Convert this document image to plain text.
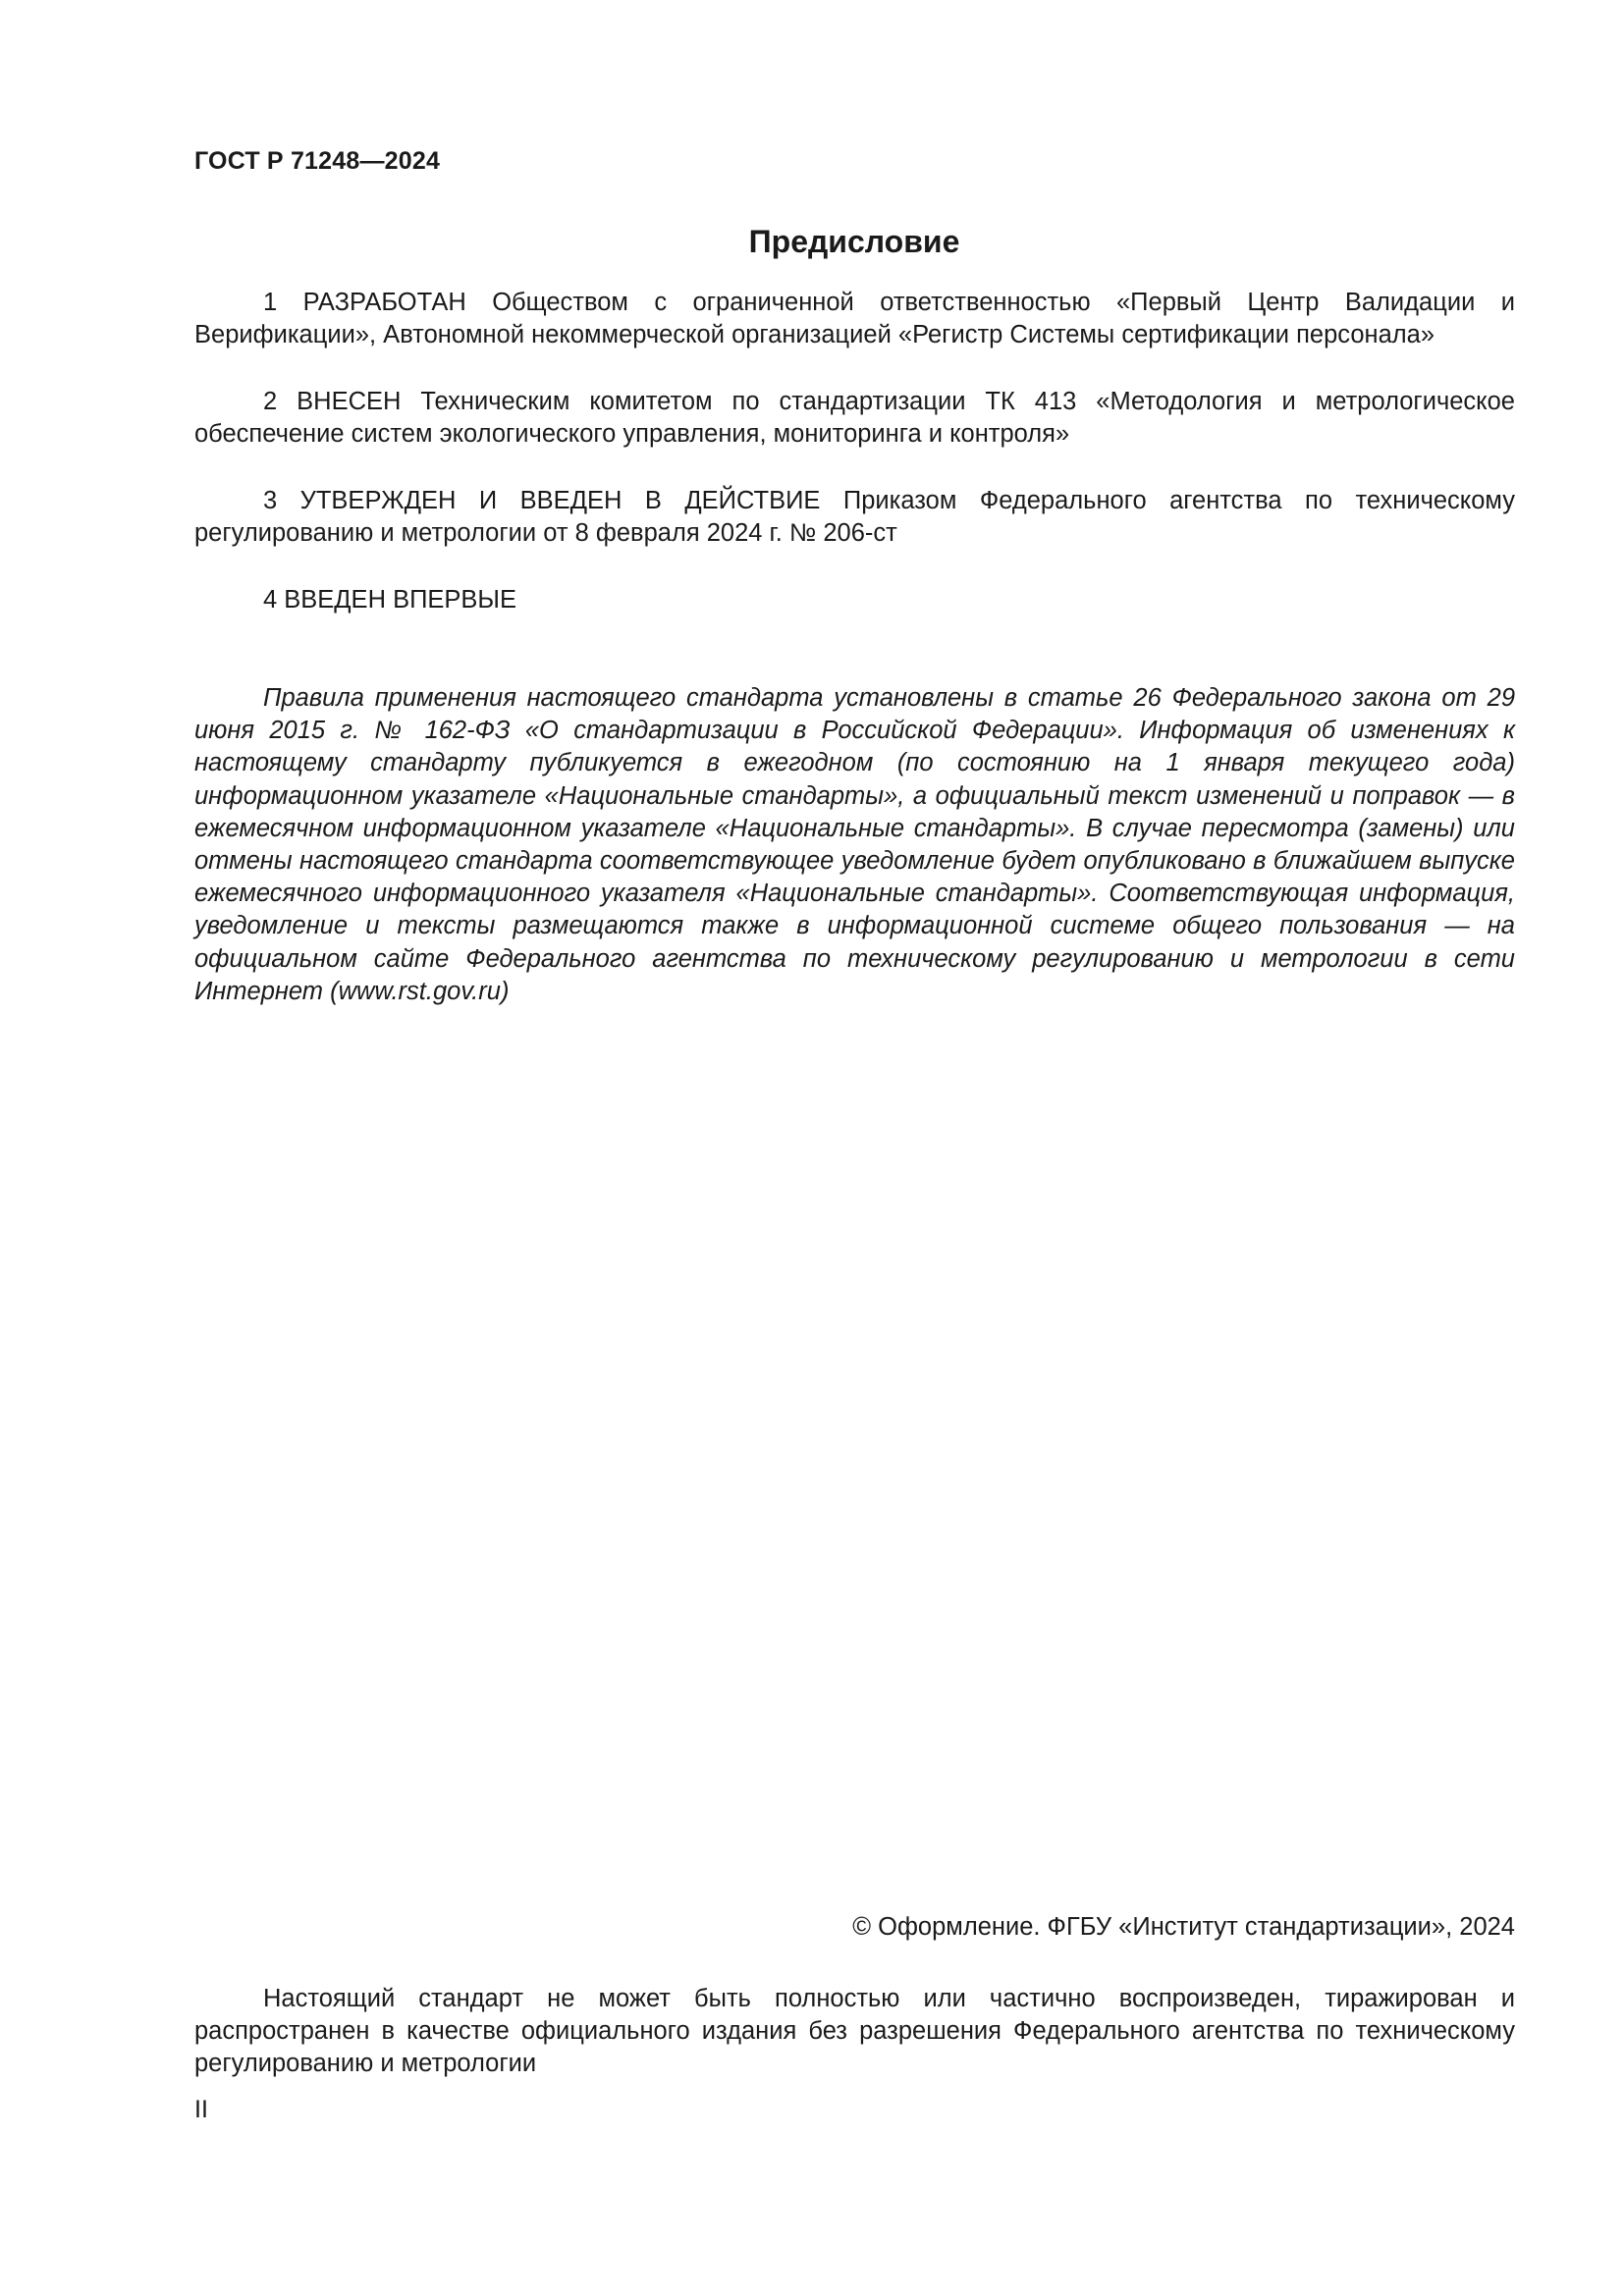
ГОСТ Р 71248—2024
Предисловие

1 РАЗРАБОТАН Обществом с ограниченной ответственностью «Первый Центр Валидации и Верификации», Автономной некоммерческой организацией «Регистр Системы сертификации персонала»

2 ВНЕСЕН Техническим комитетом по стандартизации ТК 413 «Методология и метрологическое обеспечение систем экологического управления, мониторинга и контроля»

3 УТВЕРЖДЕН И ВВЕДЕН В ДЕЙСТВИЕ Приказом Федерального агентства по техническому регулированию и метрологии от 8 февраля 2024 г. № 206-ст

4 ВВЕДЕН ВПЕРВЫЕ

Правила применения настоящего стандарта установлены в статье 26 Федерального закона от 29 июня 2015 г. № 162-ФЗ «О стандартизации в Российской Федерации». Информация об изменениях к настоящему стандарту публикуется в ежегодном (по состоянию на 1 января текущего года) информационном указателе «Национальные стандарты», а официальный текст изменений и поправок — в ежемесячном информационном указателе «Национальные стандарты». В случае пересмотра (замены) или отмены настоящего стандарта соответствующее уведомление будет опубликовано в ближайшем выпуске ежемесячного информационного указателя «Национальные стандарты». Соответствующая информация, уведомление и тексты размещаются также в информационной системе общего пользования — на официальном сайте Федерального агентства по техническому регулированию и метрологии в сети Интернет (www.rst.gov.ru)

© Оформление. ФГБУ «Институт стандартизации», 2024

Настоящий стандарт не может быть полностью или частично воспроизведен, тиражирован и распространен в качестве официального издания без разрешения Федерального агентства по техническому регулированию и метрологии

II
